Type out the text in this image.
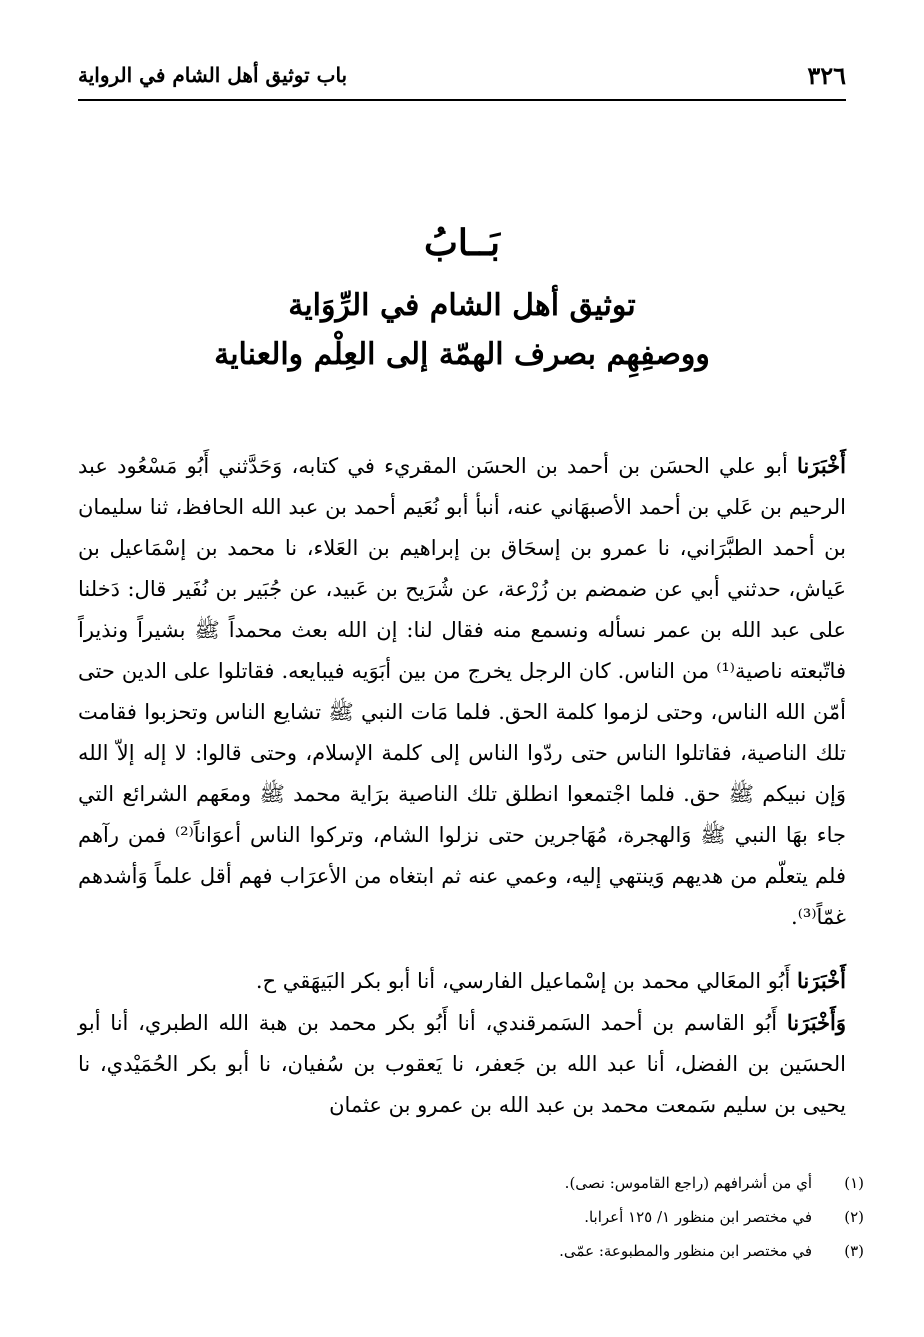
٣٢٦
باب توثيق أهل الشام في الرواية
بَــابُ
توثيق أهل الشام في الرِّوَاية
ووصفِهِم بصرف الهمّة إلى العِلْم والعناية

أَخْبَرَنا أبو علي الحسَن بن أحمد بن الحسَن المقريء في كتابه، وَحَدَّثني أَبُو مَسْعُود عبد الرحيم بن عَلي بن أحمد الأصبهَاني عنه، أنبأ أبو نُعَيم أحمد بن عبد الله الحافظ، ثنا سليمان بن أحمد الطبَّرَاني، نا عمرو بن إسحَاق بن إبراهيم بن العَلاء، نا محمد بن إسْمَاعيل بن عَياش، حدثني أبي عن ضمضم بن زُرْعة، عن شُرَيح بن عَبيد، عن جُبَير بن نُفَير قال: دَخلنا على عبد الله بن عمر نسأله ونسمع منه فقال لنا: إن الله بعث محمداً ﷺ بشيراً ونذيراً فاتّبعته ناصية⁽¹⁾ من الناس. كان الرجل يخرج من بين أبَوَيه فيبايعه. فقاتلوا على الدين حتى أمّن الله الناس، وحتى لزموا كلمة الحق. فلما مَات النبي ﷺ تشايع الناس وتحزبوا فقامت تلك الناصية، فقاتلوا الناس حتى ردّوا الناس إلى كلمة الإسلام، وحتى قالوا: لا إله إلاّ الله وَإن نبيكم ﷺ حق. فلما اجْتمعوا انطلق تلك الناصية برَاية محمد ﷺ ومعَهم الشرائع التي جاء بهَا النبي ﷺ وَالهجرة، مُهَاجرين حتى نزلوا الشام، وتركوا الناس أعوَاناً⁽²⁾ فمن رآهم فلم يتعلّم من هديهم وَينتهي إليه، وعمي عنه ثم ابتغاه من الأعرَاب فهم أقل علماً وَأشدهم غمّاً⁽³⁾.

أَخْبَرَنا أَبُو المعَالي محمد بن إسْماعيل الفارسي، أنا أبو بكر البَيهَقي ح.

وَأَخْبَرَنا أَبُو القاسم بن أحمد السَمرقندي، أنا أَبُو بكر محمد بن هبة الله الطبري، أنا أبو الحسَين بن الفضل، أنا عبد الله بن جَعفر، نا يَعقوب بن سُفيان، نا أبو بكر الحُمَيْدي، نا يحيى بن سليم سَمعت محمد بن عبد الله بن عمرو بن عثمان

(١)
أي من أشرافهم (راجع القاموس: نصى).
(٢)
في مختصر ابن منظور ١/ ١٢٥ أعرابا.
(٣)
في مختصر ابن منظور والمطبوعة: عمّى.
